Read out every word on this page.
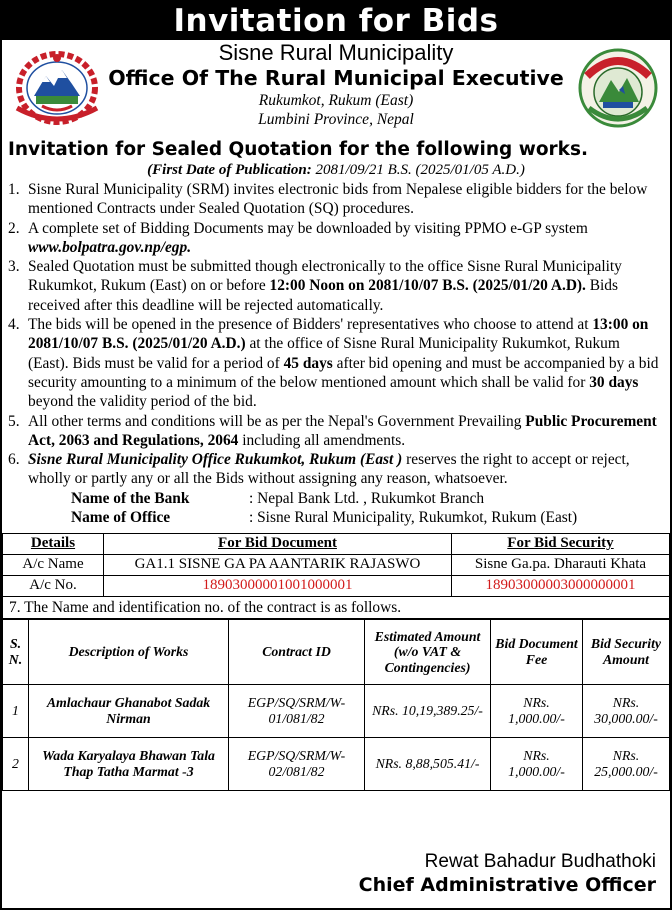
Invitation for Bids
Sisne Rural Municipality
Office Of The Rural Municipal Executive
Rukumkot, Rukum (East)
Lumbini Province, Nepal
Invitation for Sealed Quotation for the following works.
(First Date of Publication: 2081/09/21 B.S. (2025/01/05 A.D.)
1. Sisne Rural Municipality (SRM) invites electronic bids from Nepalese eligible bidders for the below mentioned Contracts under Sealed Quotation (SQ) procedures.
2. A complete set of Bidding Documents may be downloaded by visiting PPMO e-GP system www.bolpatra.gov.np/egp.
3. Sealed Quotation must be submitted though electronically to the office Sisne Rural Municipality Rukumkot, Rukum (East) on or before 12:00 Noon on 2081/10/07 B.S. (2025/01/20 A.D). Bids received after this deadline will be rejected automatically.
4. The bids will be opened in the presence of Bidders' representatives who choose to attend at 13:00 on 2081/10/07 B.S. (2025/01/20 A.D.) at the office of Sisne Rural Municipality Rukumkot, Rukum (East). Bids must be valid for a period of 45 days after bid opening and must be accompanied by a bid security amounting to a minimum of the below mentioned amount which shall be valid for 30 days beyond the validity period of the bid.
5. All other terms and conditions will be as per the Nepal's Government Prevailing Public Procurement Act, 2063 and Regulations, 2064 including all amendments.
6. Sisne Rural Municipality Office Rukumkot, Rukum (East ) reserves the right to accept or reject, wholly or partly any or all the Bids without assigning any reason, whatsoever.
Name of the Bank	: Nepal Bank Ltd. , Rukumkot Branch
Name of Office	: Sisne Rural Municipality, Rukumkot, Rukum (East)
Details	For Bid Document	For Bid Security
A/c Name	GA1.1 SISNE GA PA AANTARIK RAJASWO	Sisne Ga.pa. Dharauti Khata
A/c No.	18903000001001000001	18903000003000000001
7. The Name and identification no. of the contract is as follows.
S. N.	Description of Works	Contract ID	Estimated Amount (w/o VAT & Contingencies)	Bid Document Fee	Bid Security Amount
1	Amlachaur Ghanabot Sadak Nirman	EGP/SQ/SRM/W-01/081/82	NRs. 10,19,389.25/-	NRs. 1,000.00/-	NRs. 30,000.00/-
2	Wada Karyalaya Bhawan Tala Thap Tatha Marmat -3	EGP/SQ/SRM/W-02/081/82	NRs. 8,88,505.41/-	NRs. 1,000.00/-	NRs. 25,000.00/-
Rewat Bahadur Budhathoki
Chief Administrative Officer
